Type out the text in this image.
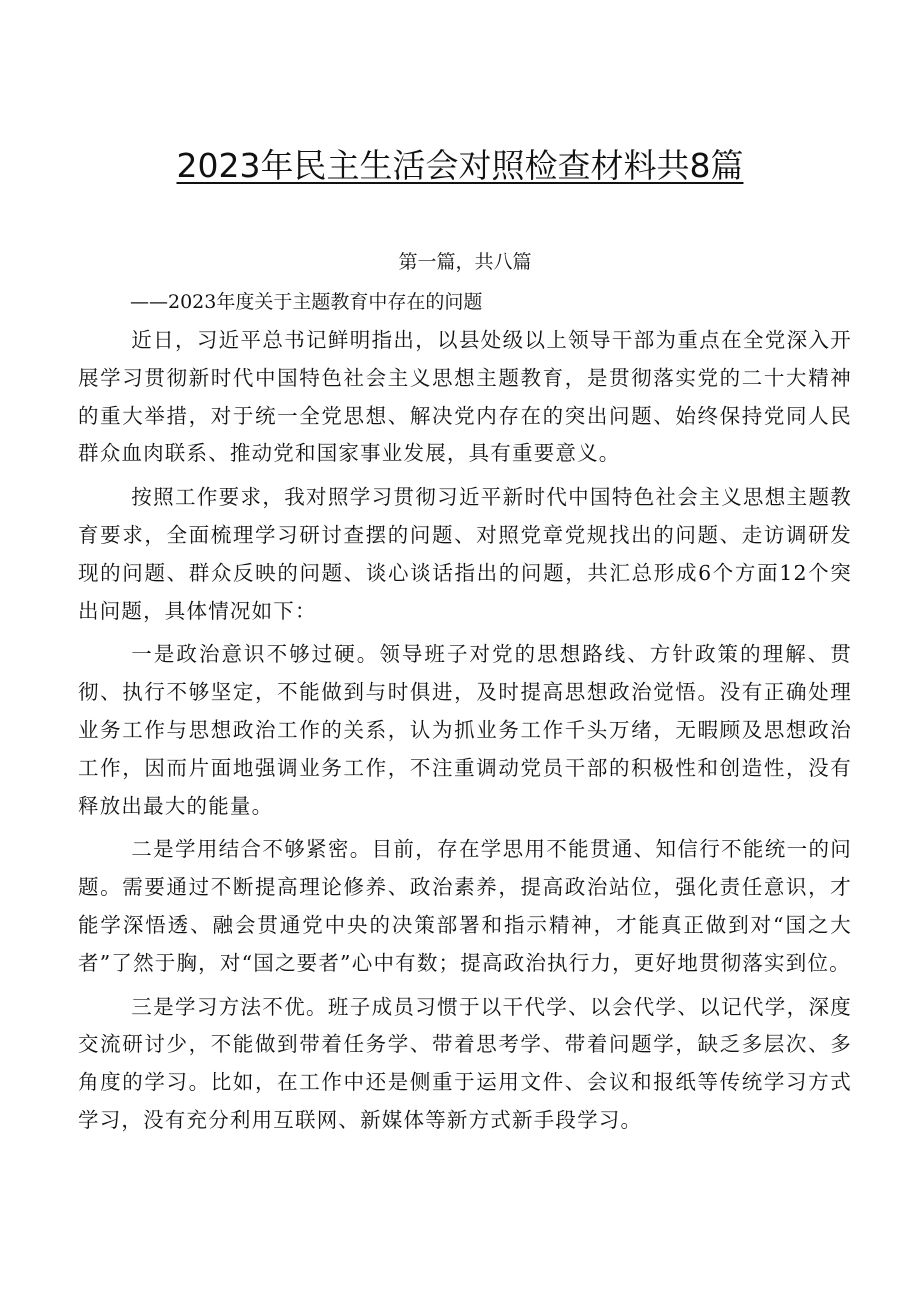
2023年民主生活会对照检查材料共8篇
第一篇，共八篇
——2023年度关于主题教育中存在的问题

近日，习近平总书记鲜明指出，以县处级以上领导干部为重点在全党深入开展学习贯彻新时代中国特色社会主义思想主题教育，是贯彻落实党的二十大精神的重大举措，对于统一全党思想、解决党内存在的突出问题、始终保持党同人民群众血肉联系、推动党和国家事业发展，具有重要意义。

按照工作要求，我对照学习贯彻习近平新时代中国特色社会主义思想主题教育要求，全面梳理学习研讨查摆的问题、对照党章党规找出的问题、走访调研发现的问题、群众反映的问题、谈心谈话指出的问题，共汇总形成6个方面12个突出问题，具体情况如下：

一是政治意识不够过硬。领导班子对党的思想路线、方针政策的理解、贯彻、执行不够坚定，不能做到与时俱进，及时提高思想政治觉悟。没有正确处理业务工作与思想政治工作的关系，认为抓业务工作千头万绪，无暇顾及思想政治工作，因而片面地强调业务工作，不注重调动党员干部的积极性和创造性，没有释放出最大的能量。

二是学用结合不够紧密。目前，存在学思用不能贯通、知信行不能统一的问题。需要通过不断提高理论修养、政治素养，提高政治站位，强化责任意识，才能学深悟透、融会贯通党中央的决策部署和指示精神，才能真正做到对“国之大者”了然于胸，对“国之要者”心中有数；提高政治执行力，更好地贯彻落实到位。

三是学习方法不优。班子成员习惯于以干代学、以会代学、以记代学，深度交流研讨少，不能做到带着任务学、带着思考学、带着问题学，缺乏多层次、多角度的学习。比如，在工作中还是侧重于运用文件、会议和报纸等传统学习方式学习，没有充分利用互联网、新媒体等新方式新手段学习。
